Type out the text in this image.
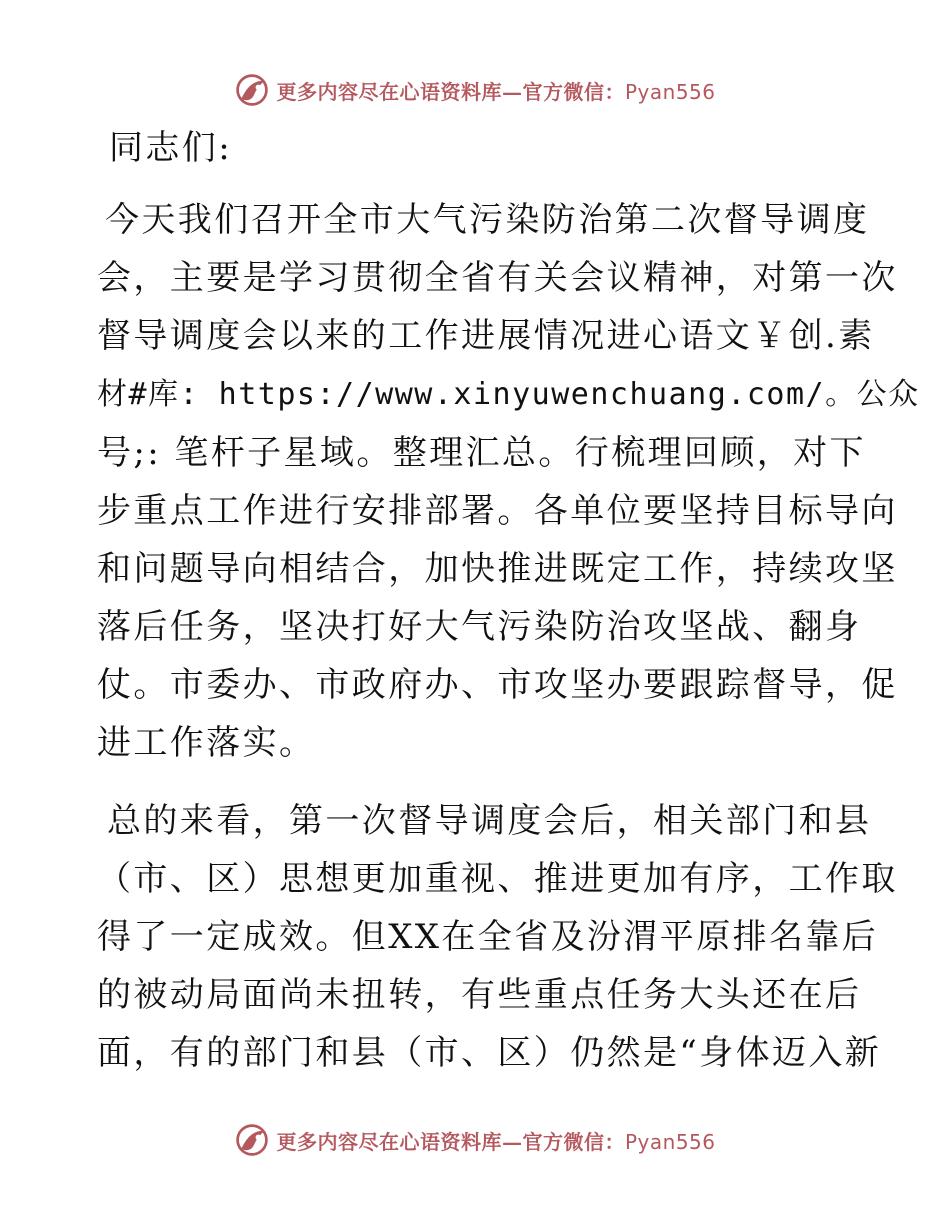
更多内容尽在心语资料库—官方微信：Pyan556
同志们:
今天我们召开全市大气污染防治第二次督导调度
会，主要是学习贯彻全省有关会议精神，对第一次
督导调度会以来的工作进展情况进心语文￥创.素
材#库: https://www.xinyuwenchuang.com/。公众
号;: 笔杆子星域。整理汇总。行梳理回顾，对下
步重点工作进行安排部署。各单位要坚持目标导向
和问题导向相结合，加快推进既定工作，持续攻坚
落后任务，坚决打好大气污染防治攻坚战、翻身
仗。市委办、市政府办、市攻坚办要跟踪督导，促
进工作落实。
总的来看，第一次督导调度会后，相关部门和县
（市、区）思想更加重视、推进更加有序，工作取
得了一定成效。但XX在全省及汾渭平原排名靠后
的被动局面尚未扭转，有些重点任务大头还在后
面，有的部门和县（市、区）仍然是“身体迈入新
更多内容尽在心语资料库—官方微信：Pyan556
